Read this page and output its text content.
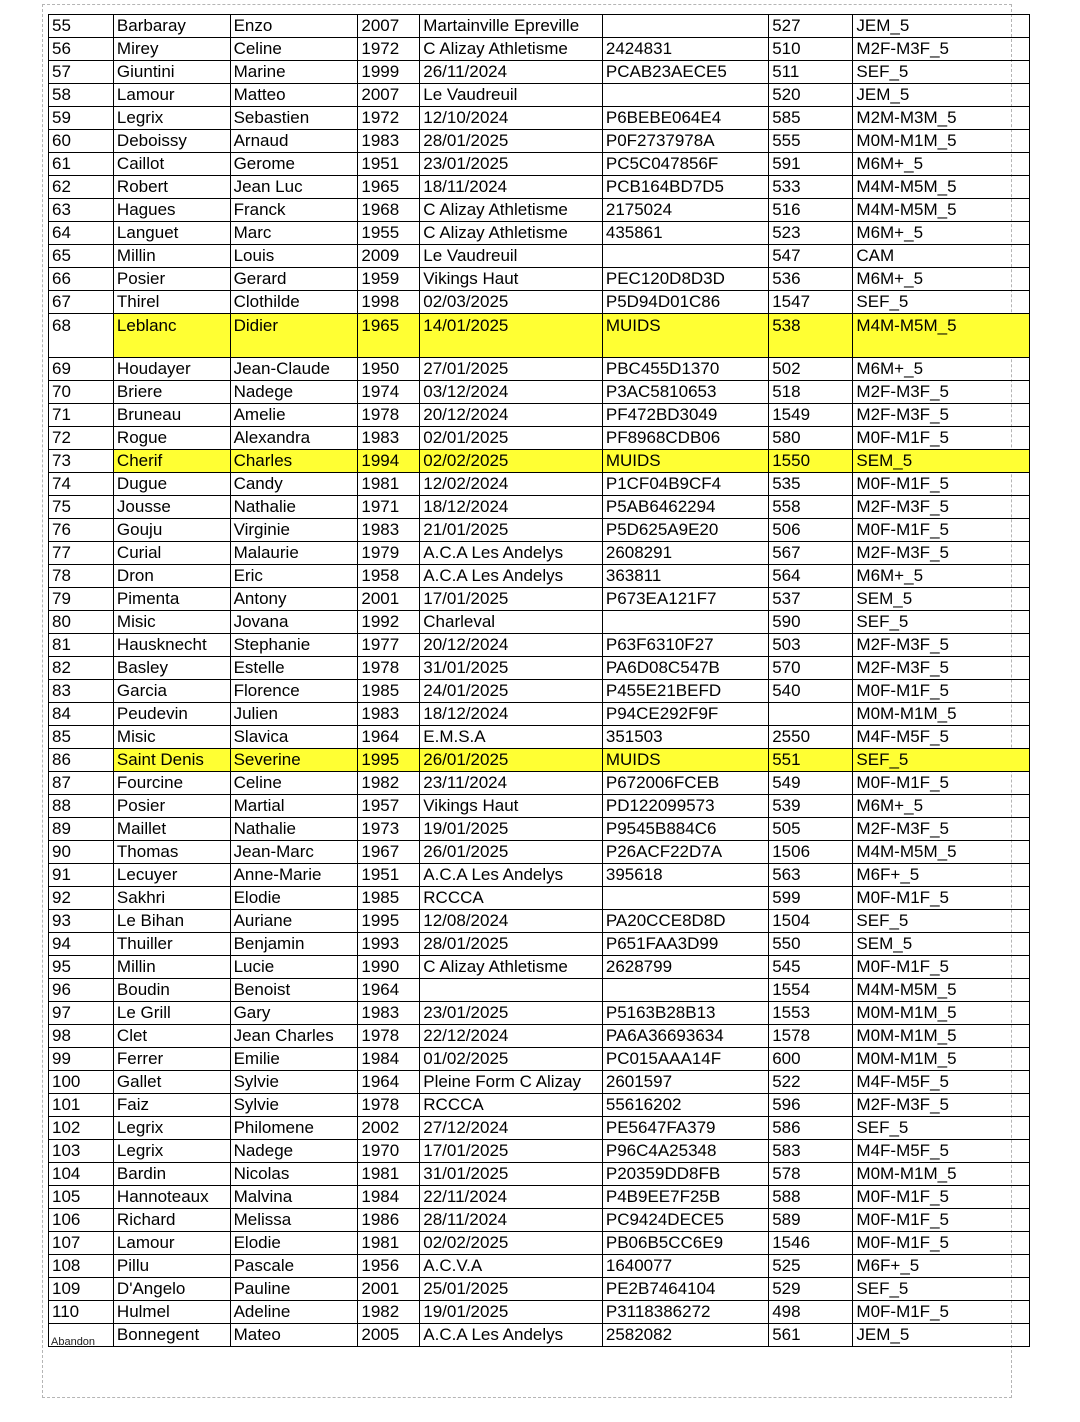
55	Barbaray	Enzo	2007	Martainville Epreville		527	JEM_5
56	Mirey	Celine	1972	C Alizay Athletisme	2424831	510	M2F-M3F_5
57	Giuntini	Marine	1999	26/11/2024	PCAB23AECE5	511	SEF_5
58	Lamour	Matteo	2007	Le Vaudreuil		520	JEM_5
59	Legrix	Sebastien	1972	12/10/2024	P6BEBE064E4	585	M2M-M3M_5
60	Deboissy	Arnaud	1983	28/01/2025	P0F2737978A	555	M0M-M1M_5
61	Caillot	Gerome	1951	23/01/2025	PC5C047856F	591	M6M+_5
62	Robert	Jean Luc	1965	18/11/2024	PCB164BD7D5	533	M4M-M5M_5
63	Hagues	Franck	1968	C Alizay Athletisme	2175024	516	M4M-M5M_5
64	Languet	Marc	1955	C Alizay Athletisme	435861	523	M6M+_5
65	Millin	Louis	2009	Le Vaudreuil		547	CAM
66	Posier	Gerard	1959	Vikings Haut	PEC120D8D3D	536	M6M+_5
67	Thirel	Clothilde	1998	02/03/2025	P5D94D01C86	1547	SEF_5
68	Leblanc	Didier	1965	14/01/2025	MUIDS	538	M4M-M5M_5
69	Houdayer	Jean-Claude	1950	27/01/2025	PBC455D1370	502	M6M+_5
70	Briere	Nadege	1974	03/12/2024	P3AC5810653	518	M2F-M3F_5
71	Bruneau	Amelie	1978	20/12/2024	PF472BD3049	1549	M2F-M3F_5
72	Rogue	Alexandra	1983	02/01/2025	PF8968CDB06	580	M0F-M1F_5
73	Cherif	Charles	1994	02/02/2025	MUIDS	1550	SEM_5
74	Dugue	Candy	1981	12/02/2024	P1CF04B9CF4	535	M0F-M1F_5
75	Jousse	Nathalie	1971	18/12/2024	P5AB6462294	558	M2F-M3F_5
76	Gouju	Virginie	1983	21/01/2025	P5D625A9E20	506	M0F-M1F_5
77	Curial	Malaurie	1979	A.C.A Les Andelys	2608291	567	M2F-M3F_5
78	Dron	Eric	1958	A.C.A Les Andelys	363811	564	M6M+_5
79	Pimenta	Antony	2001	17/01/2025	P673EA121F7	537	SEM_5
80	Misic	Jovana	1992	Charleval		590	SEF_5
81	Hausknecht	Stephanie	1977	20/12/2024	P63F6310F27	503	M2F-M3F_5
82	Basley	Estelle	1978	31/01/2025	PA6D08C547B	570	M2F-M3F_5
83	Garcia	Florence	1985	24/01/2025	P455E21BEFD	540	M0F-M1F_5
84	Peudevin	Julien	1983	18/12/2024	P94CE292F9F		M0M-M1M_5
85	Misic	Slavica	1964	E.M.S.A	351503	2550	M4F-M5F_5
86	Saint Denis	Severine	1995	26/01/2025	MUIDS	551	SEF_5
87	Fourcine	Celine	1982	23/11/2024	P672006FCEB	549	M0F-M1F_5
88	Posier	Martial	1957	Vikings Haut	PD122099573	539	M6M+_5
89	Maillet	Nathalie	1973	19/01/2025	P9545B884C6	505	M2F-M3F_5
90	Thomas	Jean-Marc	1967	26/01/2025	P26ACF22D7A	1506	M4M-M5M_5
91	Lecuyer	Anne-Marie	1951	A.C.A Les Andelys	395618	563	M6F+_5
92	Sakhri	Elodie	1985	RCCCA		599	M0F-M1F_5
93	Le Bihan	Auriane	1995	12/08/2024	PA20CCE8D8D	1504	SEF_5
94	Thuiller	Benjamin	1993	28/01/2025	P651FAA3D99	550	SEM_5
95	Millin	Lucie	1990	C Alizay Athletisme	2628799	545	M0F-M1F_5
96	Boudin	Benoist	1964			1554	M4M-M5M_5
97	Le Grill	Gary	1983	23/01/2025	P5163B28B13	1553	M0M-M1M_5
98	Clet	Jean Charles	1978	22/12/2024	PA6A36693634	1578	M0M-M1M_5
99	Ferrer	Emilie	1984	01/02/2025	PC015AAA14F	600	M0M-M1M_5
100	Gallet	Sylvie	1964	Pleine Form C Alizay	2601597	522	M4F-M5F_5
101	Faiz	Sylvie	1978	RCCCA	55616202	596	M2F-M3F_5
102	Legrix	Philomene	2002	27/12/2024	PE5647FA379	586	SEF_5
103	Legrix	Nadege	1970	17/01/2025	P96C4A25348	583	M4F-M5F_5
104	Bardin	Nicolas	1981	31/01/2025	P20359DD8FB	578	M0M-M1M_5
105	Hannoteaux	Malvina	1984	22/11/2024	P4B9EE7F25B	588	M0F-M1F_5
106	Richard	Melissa	1986	28/11/2024	PC9424DECE5	589	M0F-M1F_5
107	Lamour	Elodie	1981	02/02/2025	PB06B5CC6E9	1546	M0F-M1F_5
108	Pillu	Pascale	1956	A.C.V.A	1640077	525	M6F+_5
109	D'Angelo	Pauline	2001	25/01/2025	PE2B7464104	529	SEF_5
110	Hulmel	Adeline	1982	19/01/2025	P3118386272	498	M0F-M1F_5

Abandon	Bonnegent	Mateo	2005	A.C.A Les Andelys	2582082	561	JEM_5
